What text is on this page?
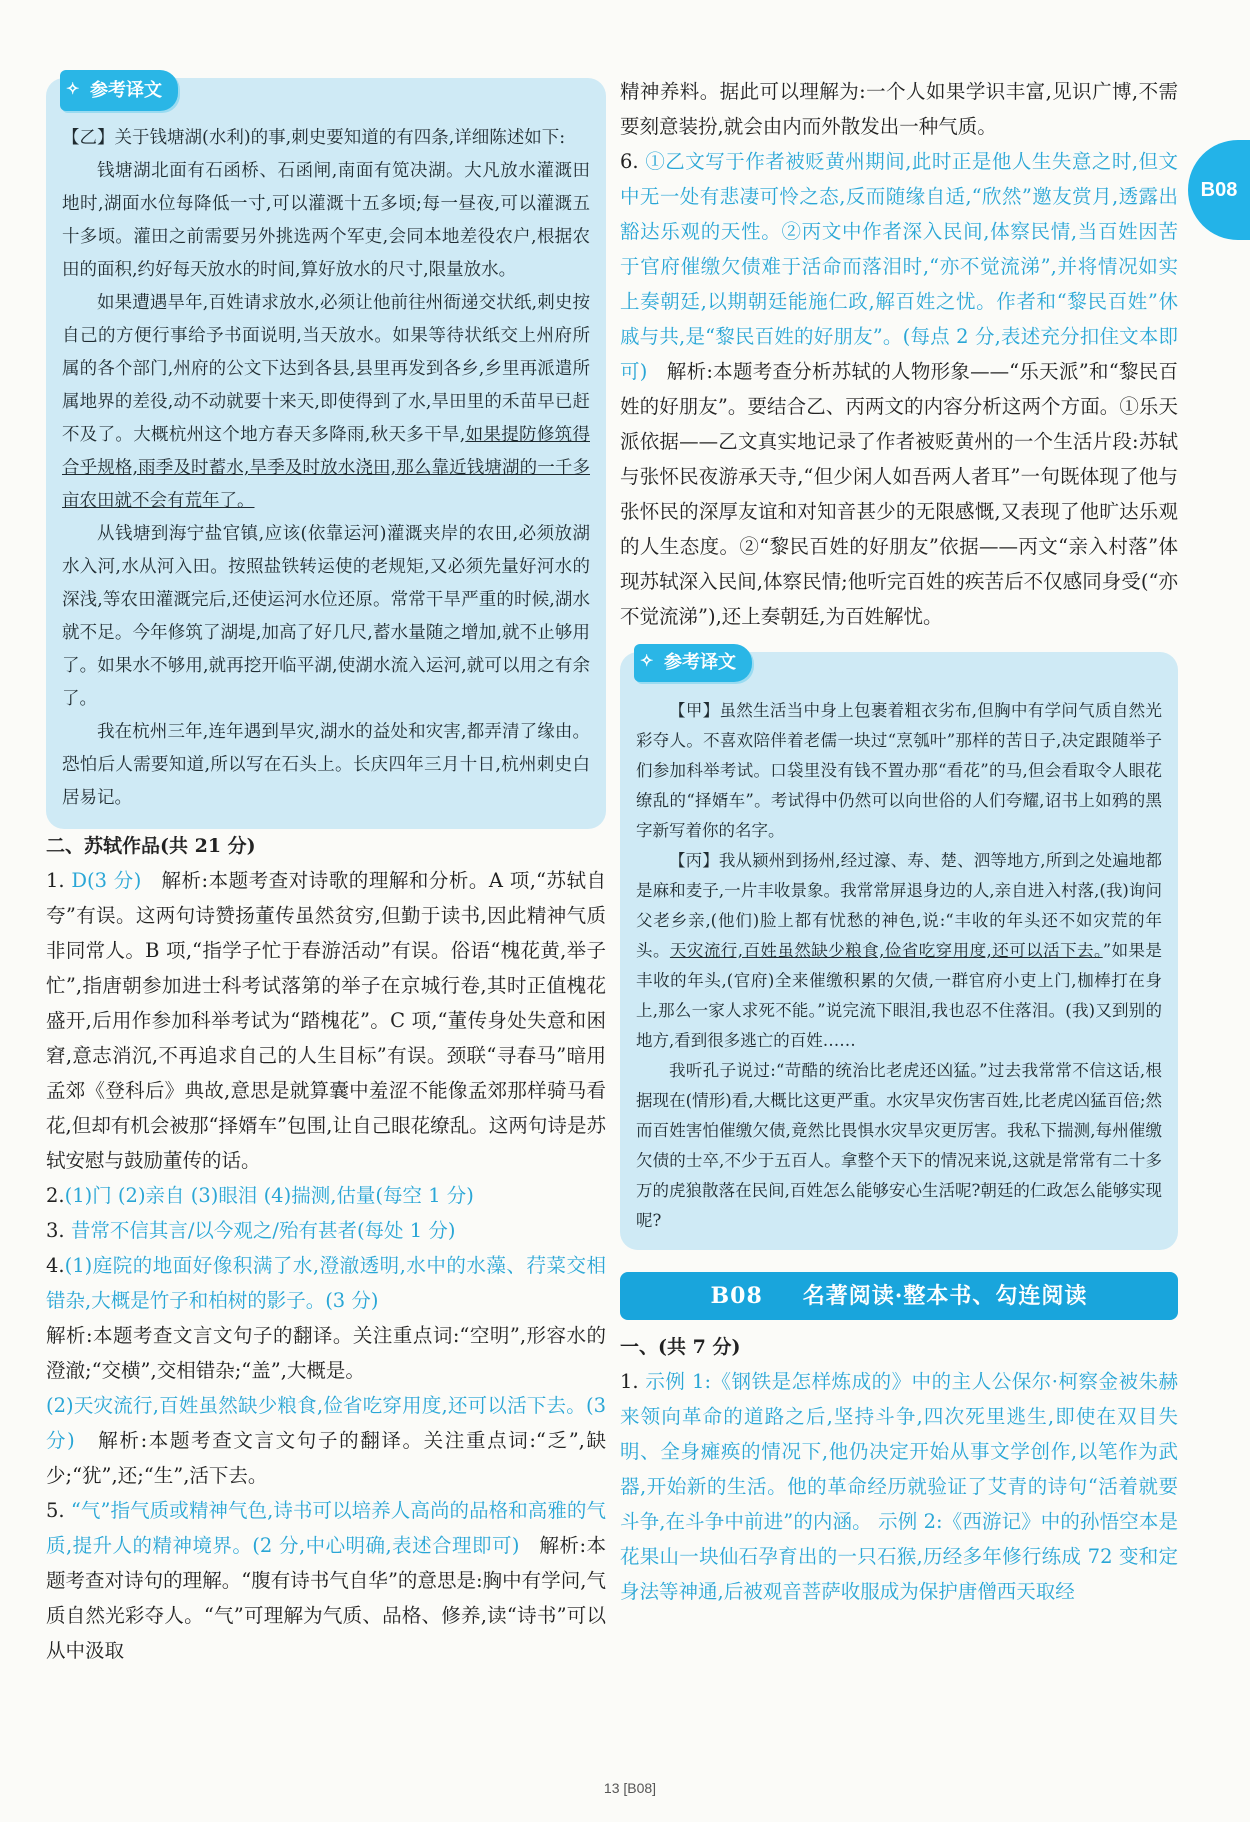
✧ 参考译文

【乙】关于钱塘湖(水利)的事,刺史要知道的有四条,详细陈述如下:

钱塘湖北面有石函桥、石函闸,南面有笕决湖。大凡放水灌溉田地时,湖面水位每降低一寸,可以灌溉十五多顷;每一昼夜,可以灌溉五十多顷。灌田之前需要另外挑选两个军吏,会同本地差役农户,根据农田的面积,约好每天放水的时间,算好放水的尺寸,限量放水。

如果遭遇旱年,百姓请求放水,必须让他前往州衙递交状纸,刺史按自己的方便行事给予书面说明,当天放水。如果等待状纸交上州府所属的各个部门,州府的公文下达到各县,县里再发到各乡,乡里再派遣所属地界的差役,动不动就要十来天,即使得到了水,旱田里的禾苗早已赶不及了。大概杭州这个地方春天多降雨,秋天多干旱,如果提防修筑得合乎规格,雨季及时蓄水,旱季及时放水浇田,那么靠近钱塘湖的一千多亩农田就不会有荒年了。

从钱塘到海宁盐官镇,应该(依靠运河)灌溉夹岸的农田,必须放湖水入河,水从河入田。按照盐铁转运使的老规矩,又必须先量好河水的深浅,等农田灌溉完后,还使运河水位还原。常常干旱严重的时候,湖水就不足。今年修筑了湖堤,加高了好几尺,蓄水量随之增加,就不止够用了。如果水不够用,就再挖开临平湖,使湖水流入运河,就可以用之有余了。

我在杭州三年,连年遇到旱灾,湖水的益处和灾害,都弄清了缘由。恐怕后人需要知道,所以写在石头上。长庆四年三月十日,杭州刺史白居易记。

二、苏轼作品(共 21 分)

1. D(3 分) 解析:本题考查对诗歌的理解和分析。A 项,“苏轼自夸”有误。这两句诗赞扬董传虽然贫穷,但勤于读书,因此精神气质非同常人。B 项,“指学子忙于春游活动”有误。俗语“槐花黄,举子忙”,指唐朝参加进士科考试落第的举子在京城行卷,其时正值槐花盛开,后用作参加科举考试为“踏槐花”。C 项,“董传身处失意和困窘,意志消沉,不再追求自己的人生目标”有误。颈联“寻春马”暗用孟郊《登科后》典故,意思是就算囊中羞涩不能像孟郊那样骑马看花,但却有机会被那“择婿车”包围,让自己眼花缭乱。这两句诗是苏轼安慰与鼓励董传的话。

2.(1)门 (2)亲自 (3)眼泪 (4)揣测,估量(每空 1 分)

3. 昔常不信其言/以今观之/殆有甚者(每处 1 分)

4.(1)庭院的地面好像积满了水,澄澈透明,水中的水藻、荇菜交相错杂,大概是竹子和柏树的影子。(3 分)

解析:本题考查文言文句子的翻译。关注重点词:“空明”,形容水的澄澈;“交横”,交相错杂;“盖”,大概是。

(2)天灾流行,百姓虽然缺少粮食,俭省吃穿用度,还可以活下去。(3 分) 解析:本题考查文言文句子的翻译。关注重点词:“乏”,缺少;“犹”,还;“生”,活下去。

5. “气”指气质或精神气色,诗书可以培养人高尚的品格和高雅的气质,提升人的精神境界。(2 分,中心明确,表述合理即可) 解析:本题考查对诗句的理解。“腹有诗书气自华”的意思是:胸中有学问,气质自然光彩夺人。“气”可理解为气质、品格、修养,读“诗书”可以从中汲取

精神养料。据此可以理解为:一个人如果学识丰富,见识广博,不需要刻意装扮,就会由内而外散发出一种气质。

6. ①乙文写于作者被贬黄州期间,此时正是他人生失意之时,但文中无一处有悲凄可怜之态,反而随缘自适,“欣然”邀友赏月,透露出豁达乐观的天性。②丙文中作者深入民间,体察民情,当百姓因苦于官府催缴欠债难于活命而落泪时,“亦不觉流涕”,并将情况如实上奏朝廷,以期朝廷能施仁政,解百姓之忧。作者和“黎民百姓”休戚与共,是“黎民百姓的好朋友”。(每点 2 分,表述充分扣住文本即可) 解析:本题考查分析苏轼的人物形象——“乐天派”和“黎民百姓的好朋友”。要结合乙、丙两文的内容分析这两个方面。①乐天派依据——乙文真实地记录了作者被贬黄州的一个生活片段:苏轼与张怀民夜游承天寺,“但少闲人如吾两人者耳”一句既体现了他与张怀民的深厚友谊和对知音甚少的无限感慨,又表现了他旷达乐观的人生态度。②“黎民百姓的好朋友”依据——丙文“亲入村落”体现苏轼深入民间,体察民情;他听完百姓的疾苦后不仅感同身受(“亦不觉流涕”),还上奏朝廷,为百姓解忧。

✧ 参考译文

【甲】虽然生活当中身上包裹着粗衣劣布,但胸中有学问气质自然光彩夺人。不喜欢陪伴着老儒一块过“烹瓠叶”那样的苦日子,决定跟随举子们参加科举考试。口袋里没有钱不置办那“看花”的马,但会看取令人眼花缭乱的“择婿车”。考试得中仍然可以向世俗的人们夸耀,诏书上如鸦的黑字新写着你的名字。

【丙】我从颍州到扬州,经过濠、寿、楚、泗等地方,所到之处遍地都是麻和麦子,一片丰收景象。我常常屏退身边的人,亲自进入村落,(我)询问父老乡亲,(他们)脸上都有忧愁的神色,说:“丰收的年头还不如灾荒的年头。天灾流行,百姓虽然缺少粮食,俭省吃穿用度,还可以活下去。”如果是丰收的年头,(官府)全来催缴积累的欠债,一群官府小吏上门,枷棒打在身上,那么一家人求死不能。”说完流下眼泪,我也忍不住落泪。(我)又到别的地方,看到很多逃亡的百姓……

我听孔子说过:“苛酷的统治比老虎还凶猛。”过去我常常不信这话,根据现在(情形)看,大概比这更严重。水灾旱灾伤害百姓,比老虎凶猛百倍;然而百姓害怕催缴欠债,竟然比畏惧水灾旱灾更厉害。我私下揣测,每州催缴欠债的士卒,不少于五百人。拿整个天下的情况来说,这就是常常有二十多万的虎狼散落在民间,百姓怎么能够安心生活呢?朝廷的仁政怎么能够实现呢?

B08 名著阅读·整本书、勾连阅读

一、(共 7 分)

1. 示例 1:《钢铁是怎样炼成的》中的主人公保尔·柯察金被朱赫来领向革命的道路之后,坚持斗争,四次死里逃生,即使在双目失明、全身瘫痪的情况下,他仍决定开始从事文学创作,以笔作为武器,开始新的生活。他的革命经历就验证了艾青的诗句“活着就要斗争,在斗争中前进”的内涵。 示例 2:《西游记》中的孙悟空本是花果山一块仙石孕育出的一只石猴,历经多年修行练成 72 变和定身法等神通,后被观音菩萨收服成为保护唐僧西天取经

B08
13 [B08]
